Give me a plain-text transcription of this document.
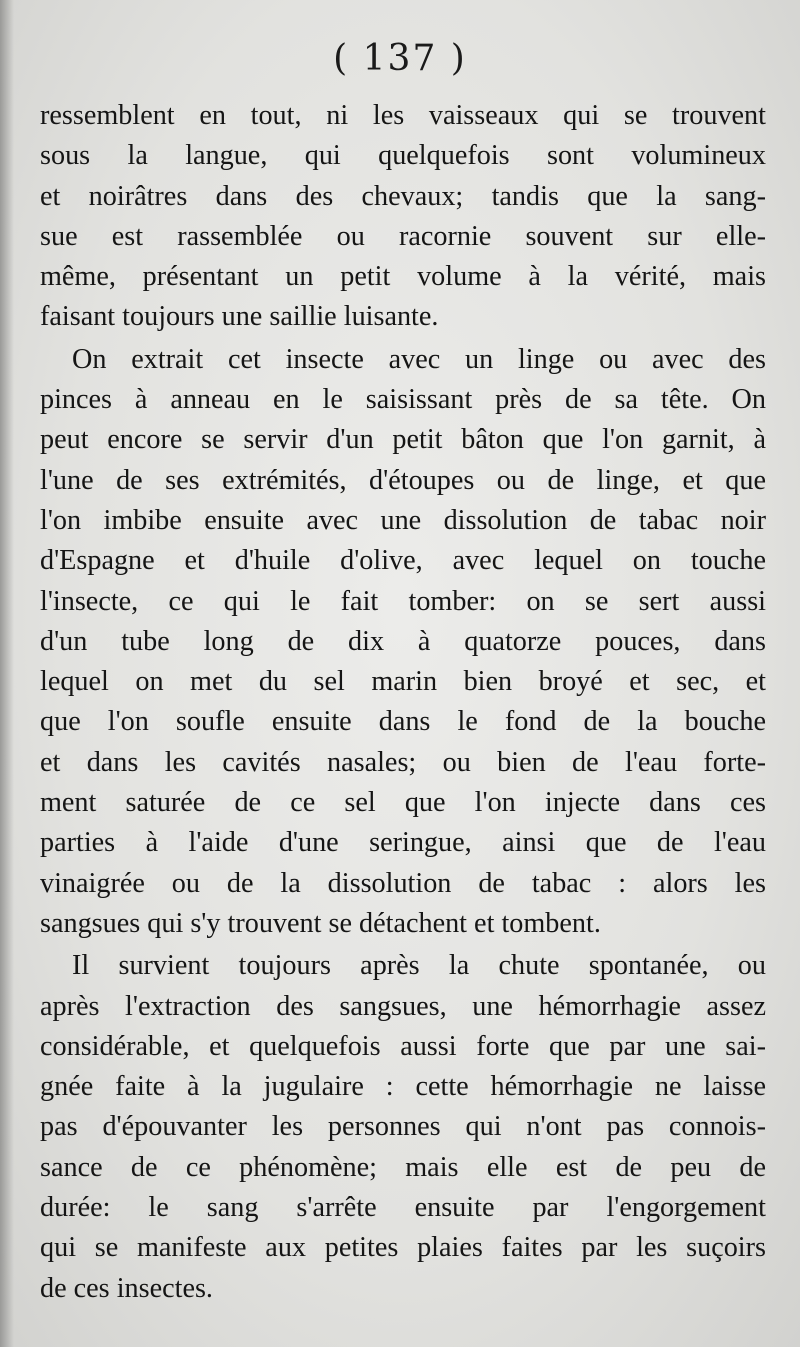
( 137 )
ressemblent en tout, ni les vaisseaux qui se trouvent
sous la langue, qui quelquefois sont volumineux
et noirâtres dans des chevaux; tandis que la sang-
sue est rassemblée ou racornie souvent sur elle-
même, présentant un petit volume à la vérité, mais
faisant toujours une saillie luisante.
On extrait cet insecte avec un linge ou avec des
pinces à anneau en le saisissant près de sa tête. On
peut encore se servir d'un petit bâton que l'on garnit, à
l'une de ses extrémités, d'étoupes ou de linge, et que
l'on imbibe ensuite avec une dissolution de tabac noir
d'Espagne et d'huile d'olive, avec lequel on touche
l'insecte, ce qui le fait tomber: on se sert aussi
d'un tube long de dix à quatorze pouces, dans
lequel on met du sel marin bien broyé et sec, et
que l'on soufle ensuite dans le fond de la bouche
et dans les cavités nasales; ou bien de l'eau forte-
ment saturée de ce sel que l'on injecte dans ces
parties à l'aide d'une seringue, ainsi que de l'eau
vinaigrée ou de la dissolution de tabac : alors les
sangsues qui s'y trouvent se détachent et tombent.
Il survient toujours après la chute spontanée, ou
après l'extraction des sangsues, une hémorrhagie assez
considérable, et quelquefois aussi forte que par une sai-
gnée faite à la jugulaire : cette hémorrhagie ne laisse
pas d'épouvanter les personnes qui n'ont pas connois-
sance de ce phénomène; mais elle est de peu de
durée: le sang s'arrête ensuite par l'engorgement
qui se manifeste aux petites plaies faites par les suçoirs
de ces insectes.
